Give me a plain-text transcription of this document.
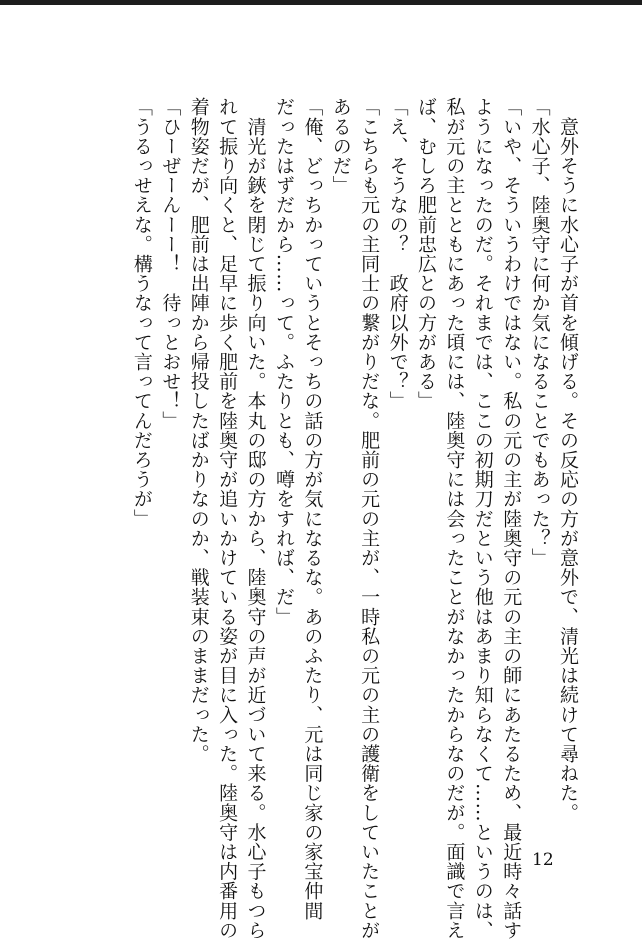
　意外そうに水心子が首を傾げる。その反応の方が意外で、清光は続けて尋ねた。
「水心子、陸奥守に何か気になることでもあった？」
「いや、そういうわけではない。私の元の主が陸奥守の元の主の師にあたるため、最近時々話す
ようになったのだ。それまでは、ここの初期刀だという他はあまり知らなくて……というのは、
私が元の主とともにあった頃には、陸奥守には会ったことがなかったからなのだが。面識で言え
ば、むしろ肥前忠広との方がある」
「え、そうなの？　政府以外で？」
「こちらも元の主同士の繋がりだな。肥前の元の主が、一時私の元の主の護衛をしていたことが
あるのだ」
「俺、どっちかっていうとそっちの話の方が気になるな。あのふたり、元は同じ家の家宝仲間
だったはずだから……って。ふたりとも、噂をすれば、だ」
　清光が鋏を閉じて振り向いた。本丸の邸の方から、陸奥守の声が近づいて来る。水心子もつら
れて振り向くと、足早に歩く肥前を陸奥守が追いかけている姿が目に入った。陸奥守は内番用の
着物姿だが、肥前は出陣から帰投したばかりなのか、戦装束のままだった。
「ひーぜーんーー！　待っとおせ！」
「うるっせえな。構うなって言ってんだろうが」
12
